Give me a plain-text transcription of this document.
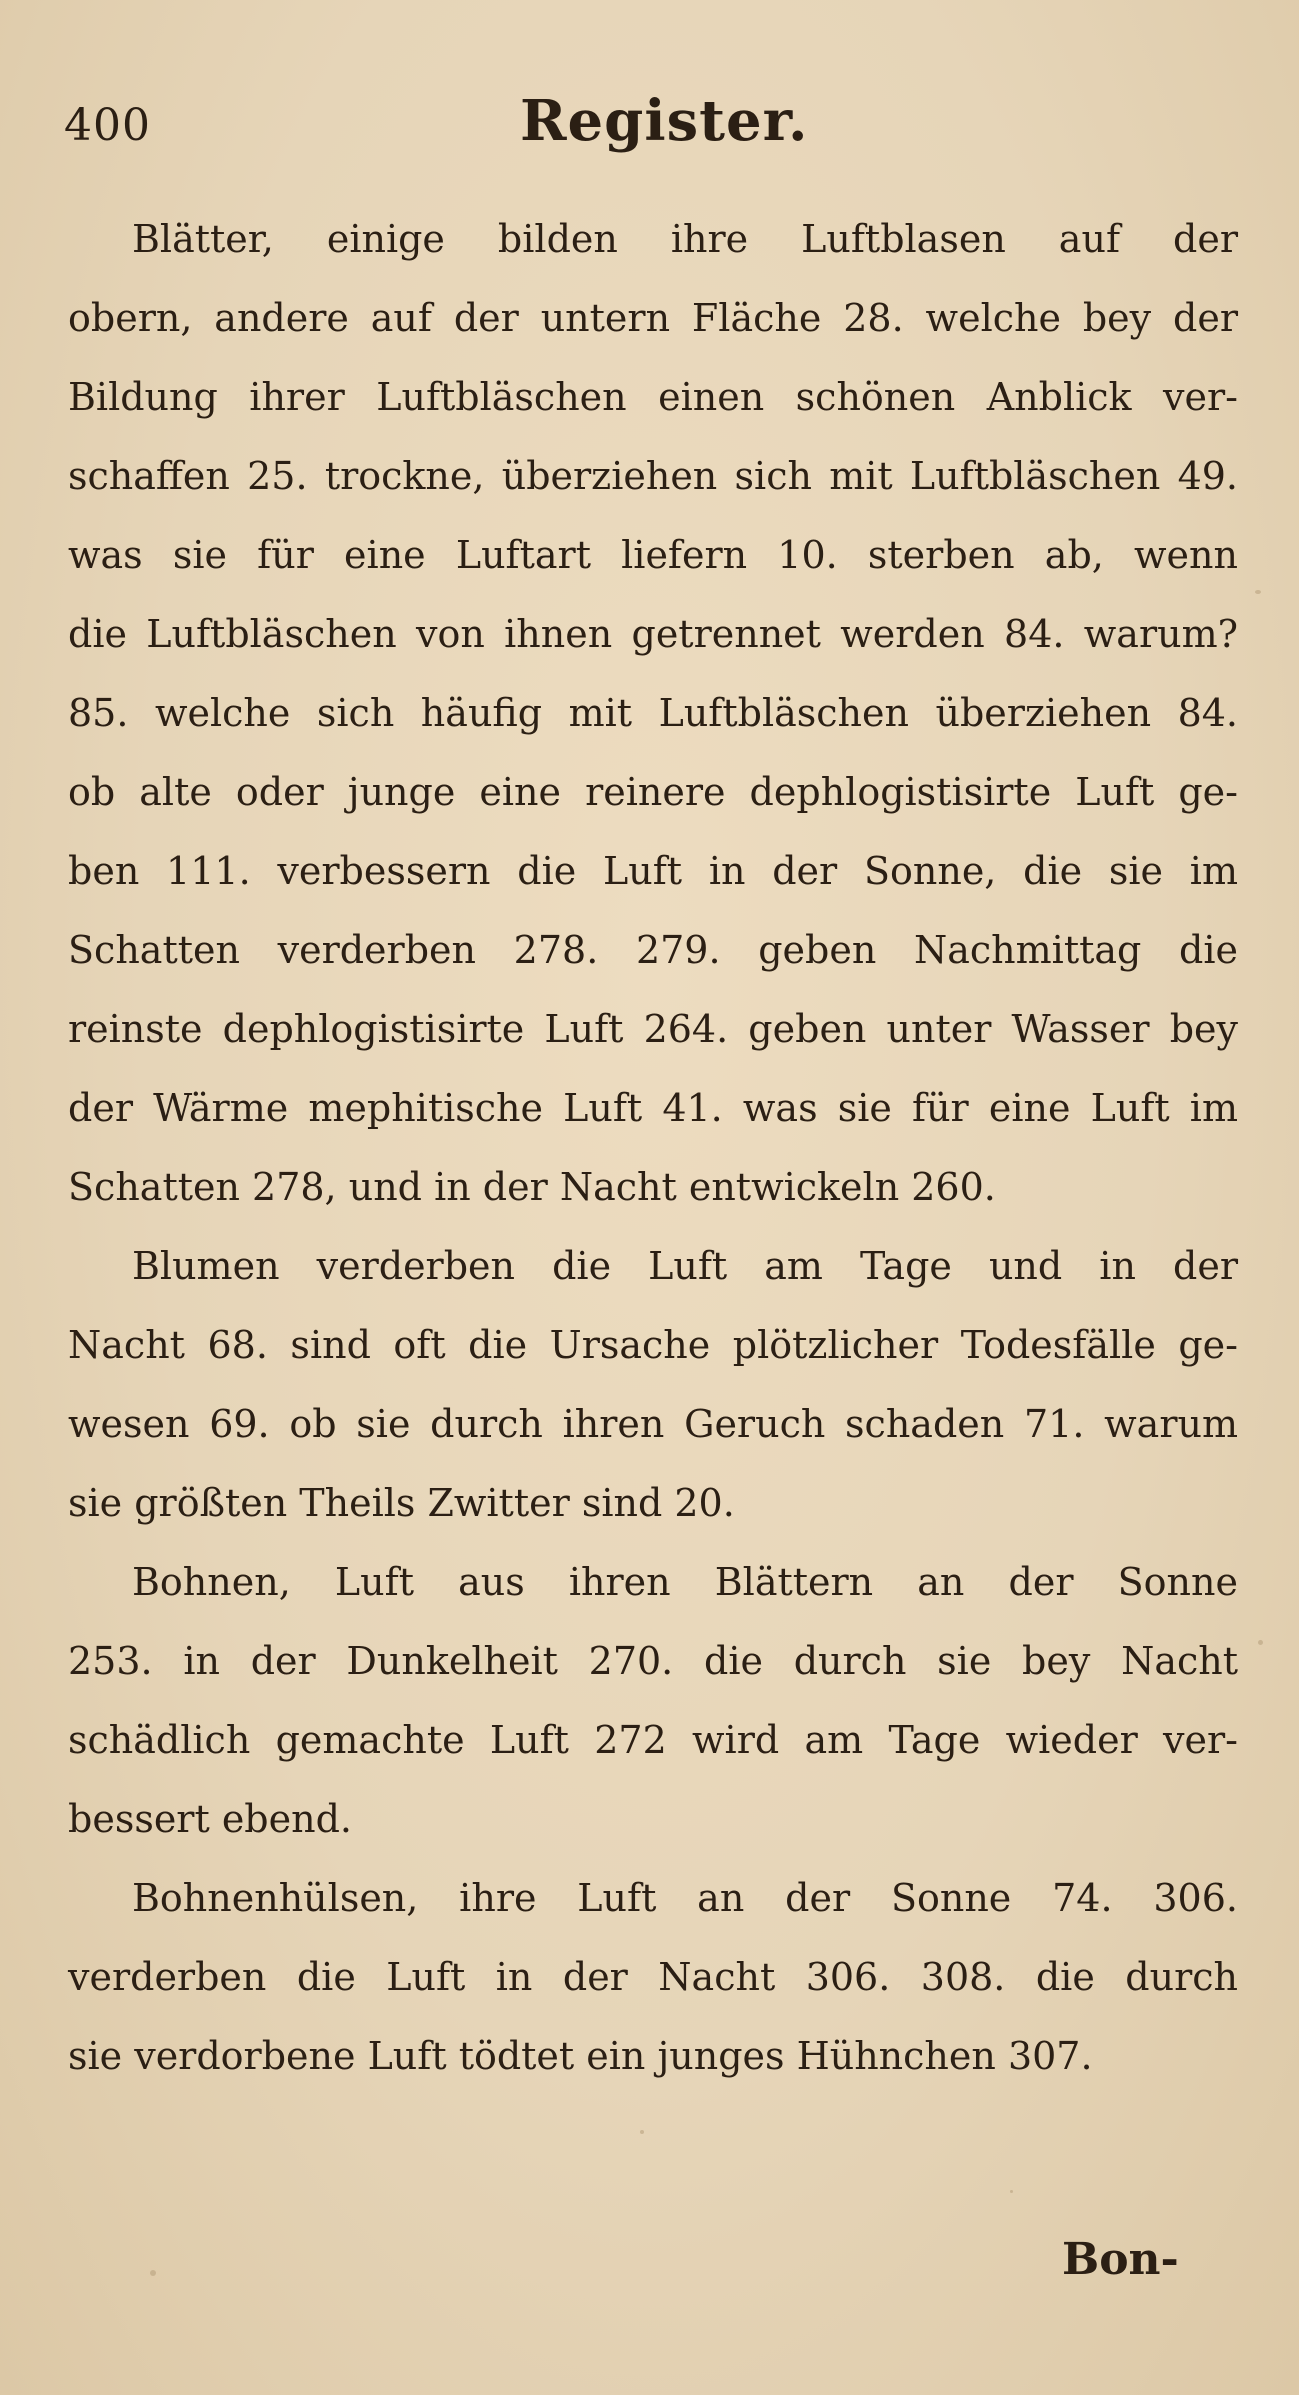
400	Register.
Blätter, einige bilden ihre Luftblasen auf der
obern, andere auf der untern Fläche 28. welche bey der
Bildung ihrer Luftbläschen einen schönen Anblick ver-
schaffen 25. trockne, überziehen sich mit Luftbläschen 49.
was sie für eine Luftart liefern 10. sterben ab, wenn
die Luftbläschen von ihnen getrennet werden 84. warum?
85. welche sich häufig mit Luftbläschen überziehen 84.
ob alte oder junge eine reinere dephlogistisirte Luft ge-
ben 111. verbessern die Luft in der Sonne, die sie im
Schatten verderben 278. 279. geben Nachmittag die
reinste dephlogistisirte Luft 264. geben unter Wasser bey
der Wärme mephitische Luft 41. was sie für eine Luft im
Schatten 278, und in der Nacht entwickeln 260.
Blumen verderben die Luft am Tage und in der
Nacht 68. sind oft die Ursache plötzlicher Todesfälle ge-
wesen 69. ob sie durch ihren Geruch schaden 71. warum
sie größten Theils Zwitter sind 20.
Bohnen, Luft aus ihren Blättern an der Sonne
253. in der Dunkelheit 270. die durch sie bey Nacht
schädlich gemachte Luft 272 wird am Tage wieder ver-
bessert ebend.
Bohnenhülsen, ihre Luft an der Sonne 74. 306.
verderben die Luft in der Nacht 306. 308. die durch
sie verdorbene Luft tödtet ein junges Hühnchen 307.
Bon-
